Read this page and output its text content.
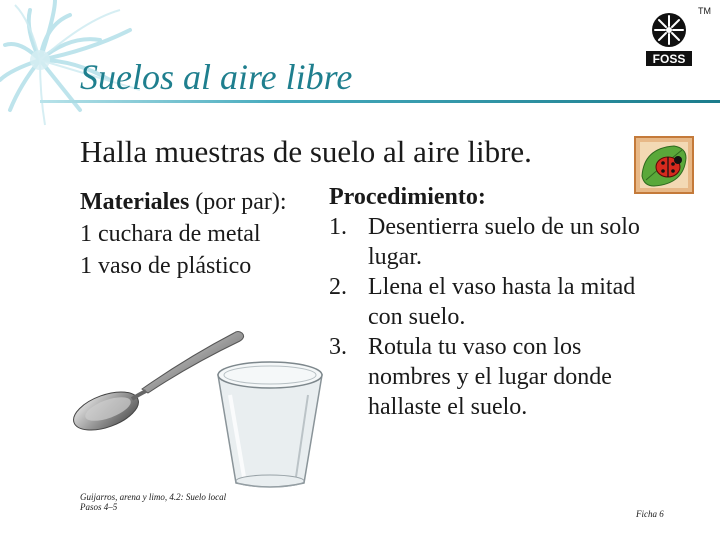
Suelos al aire libre	FOSS
TM
Halla muestras de suelo al aire libre.
Materiales (por par):
1 cuchara de metal
1 vaso de plástico
Procedimiento:
1. Desentierra suelo de un solo lugar.
2. Llena el vaso hasta la mitad con suelo.
3. Rotula tu vaso con los nombres y el lugar donde hallaste el suelo.
Guijarros, arena y limo, 4.2: Suelo local
Pasos 4–5
Ficha 6
